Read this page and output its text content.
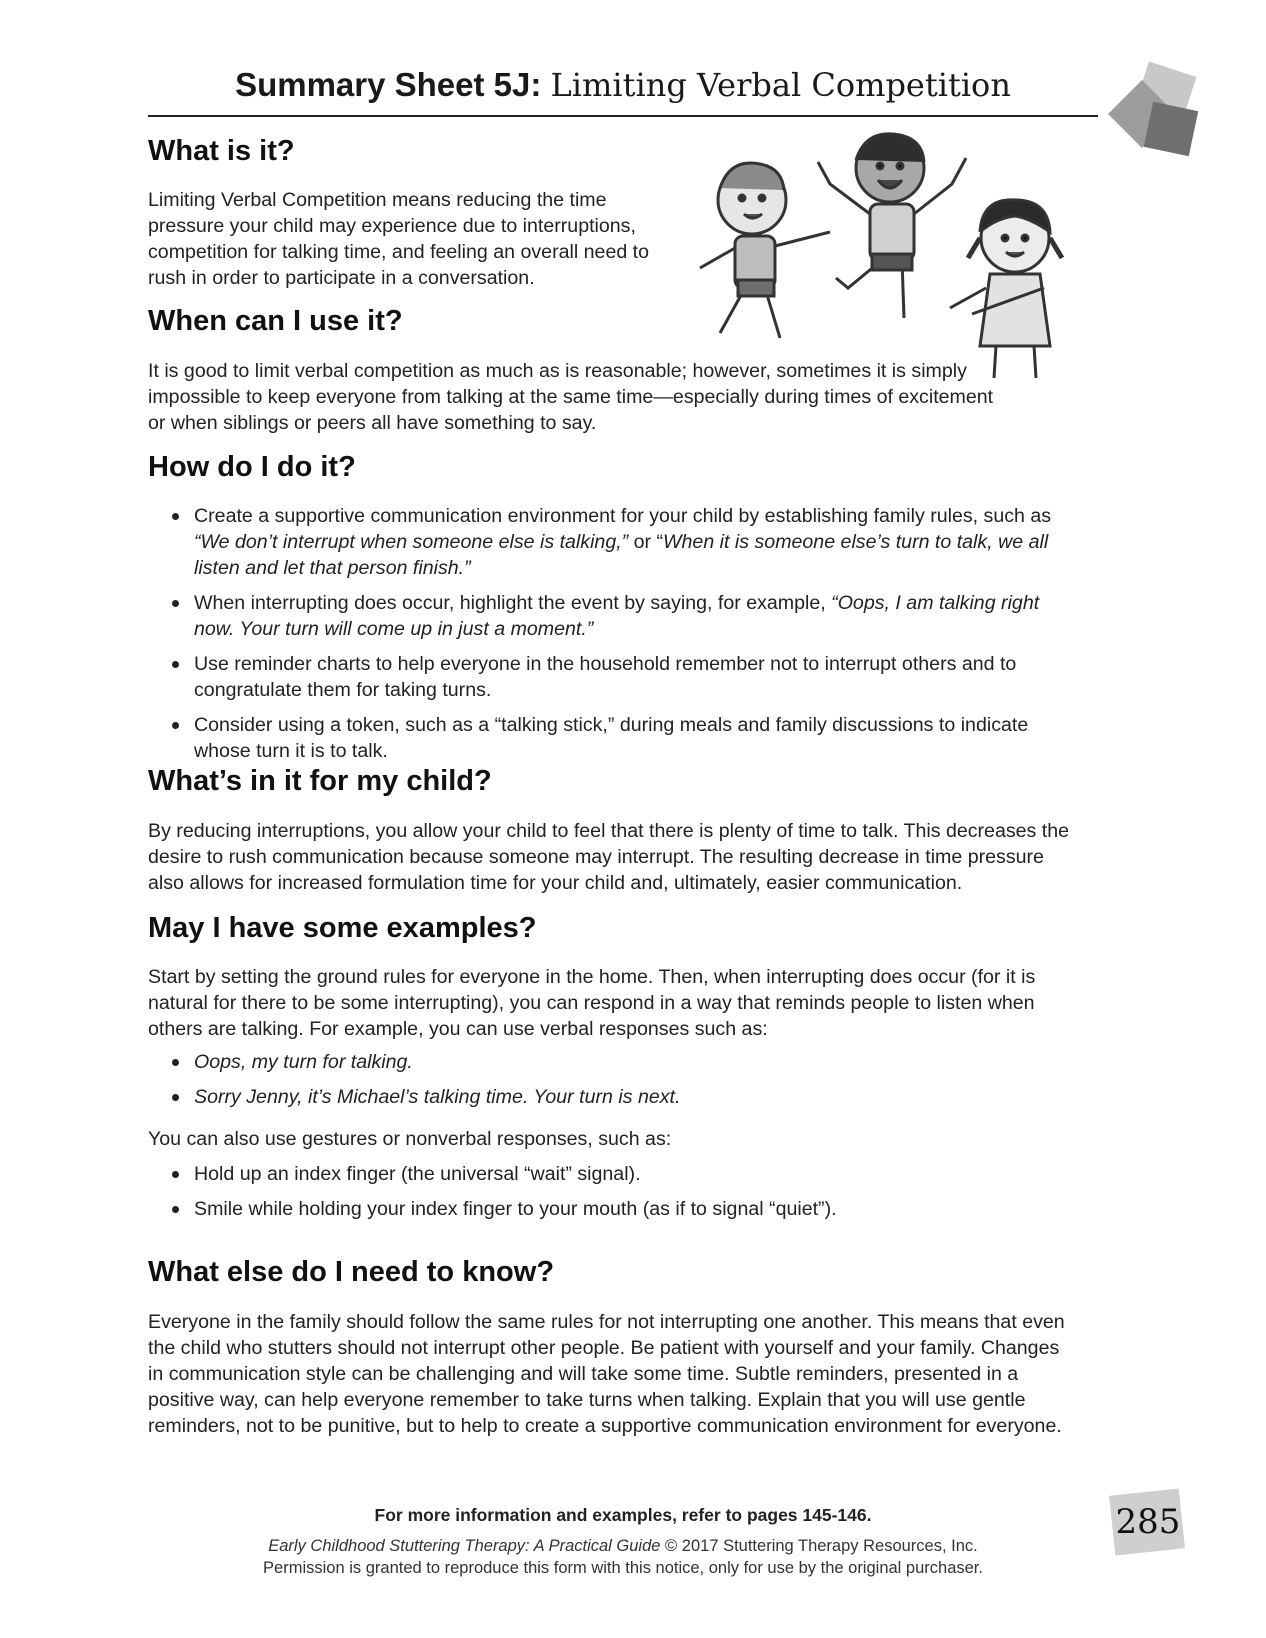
Summary Sheet 5J: Limiting Verbal Competition
What is it?

Limiting Verbal Competition means reducing the time pressure your child may experience due to interruptions, competition for talking time, and feeling an overall need to rush in order to participate in a conversation.

When can I use it?

It is good to limit verbal competition as much as is reasonable; however, sometimes it is simply impossible to keep everyone from talking at the same time—especially during times of excitement or when siblings or peers all have something to say.

How do I do it?
Create a supportive communication environment for your child by establishing family rules, such as “We don’t interrupt when someone else is talking,” or “When it is someone else’s turn to talk, we all listen and let that person finish.”
When interrupting does occur, highlight the event by saying, for example, “Oops, I am talking right now. Your turn will come up in just a moment.”
Use reminder charts to help everyone in the household remember not to interrupt others and to congratulate them for taking turns.
Consider using a token, such as a “talking stick,” during meals and family discussions to indicate whose turn it is to talk.
What’s in it for my child?

By reducing interruptions, you allow your child to feel that there is plenty of time to talk. This decreases the desire to rush communication because someone may interrupt. The resulting decrease in time pressure also allows for increased formulation time for your child and, ultimately, easier communication.

May I have some examples?

Start by setting the ground rules for everyone in the home. Then, when interrupting does occur (for it is natural for there to be some interrupting), you can respond in a way that reminds people to listen when others are talking. For example, you can use verbal responses such as:

Oops, my turn for talking.
Sorry Jenny, it’s Michael’s talking time. Your turn is next.

You can also use gestures or nonverbal responses, such as:

Hold up an index finger (the universal “wait” signal).
Smile while holding your index finger to your mouth (as if to signal “quiet”).
What else do I need to know?

Everyone in the family should follow the same rules for not interrupting one another. This means that even the child who stutters should not interrupt other people. Be patient with yourself and your family. Changes in communication style can be challenging and will take some time. Subtle reminders, presented in a positive way, can help everyone remember to take turns when talking. Explain that you will use gentle reminders, not to be punitive, but to help to create a supportive communication environment for everyone.

For more information and examples, refer to pages 145-146.
Early Childhood Stuttering Therapy: A Practical Guide © 2017 Stuttering Therapy Resources, Inc.
Permission is granted to reproduce this form with this notice, only for use by the original purchaser.
285
